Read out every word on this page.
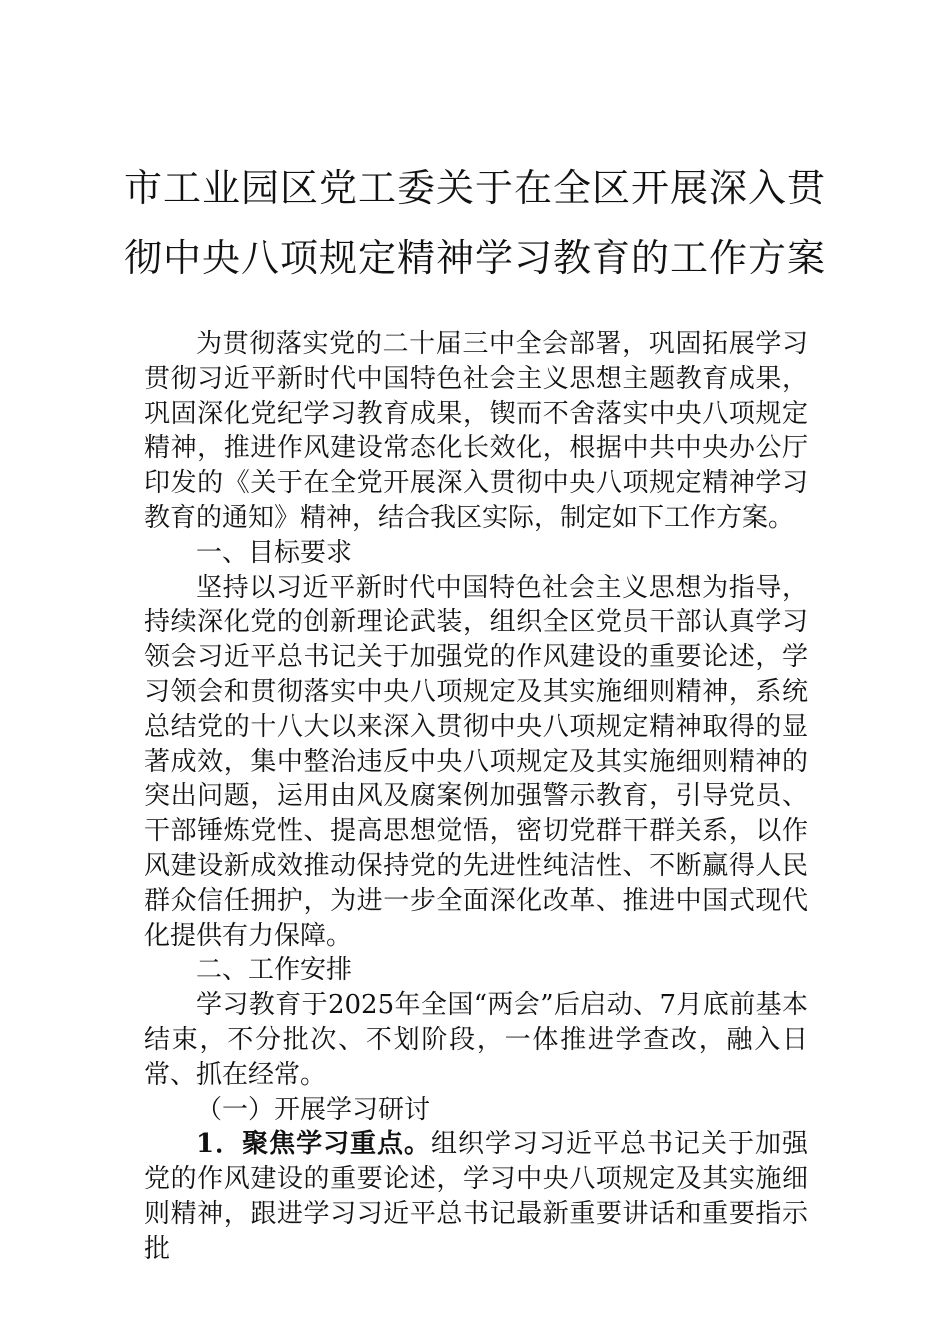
市工业园区党工委关于在全区开展深入贯
彻中央八项规定精神学习教育的工作方案

为贯彻落实党的二十届三中全会部署，巩固拓展学习贯彻习近平新时代中国特色社会主义思想主题教育成果，巩固深化党纪学习教育成果，锲而不舍落实中央八项规定精神，推进作风建设常态化长效化，根据中共中央办公厅印发的《关于在全党开展深入贯彻中央八项规定精神学习教育的通知》精神，结合我区实际，制定如下工作方案。

一、目标要求

坚持以习近平新时代中国特色社会主义思想为指导，持续深化党的创新理论武装，组织全区党员干部认真学习领会习近平总书记关于加强党的作风建设的重要论述，学习领会和贯彻落实中央八项规定及其实施细则精神，系统总结党的十八大以来深入贯彻中央八项规定精神取得的显著成效，集中整治违反中央八项规定及其实施细则精神的突出问题，运用由风及腐案例加强警示教育，引导党员、干部锤炼党性、提高思想觉悟，密切党群干群关系，以作风建设新成效推动保持党的先进性纯洁性、不断赢得人民群众信任拥护，为进一步全面深化改革、推进中国式现代化提供有力保障。

二、工作安排

学习教育于2025年全国“两会”后启动、7月底前基本结束，不分批次、不划阶段，一体推进学查改，融入日常、抓在经常。

（一）开展学习研讨

1．聚焦学习重点。组织学习习近平总书记关于加强党的作风建设的重要论述，学习中央八项规定及其实施细则精神，跟进学习习近平总书记最新重要讲话和重要指示批
